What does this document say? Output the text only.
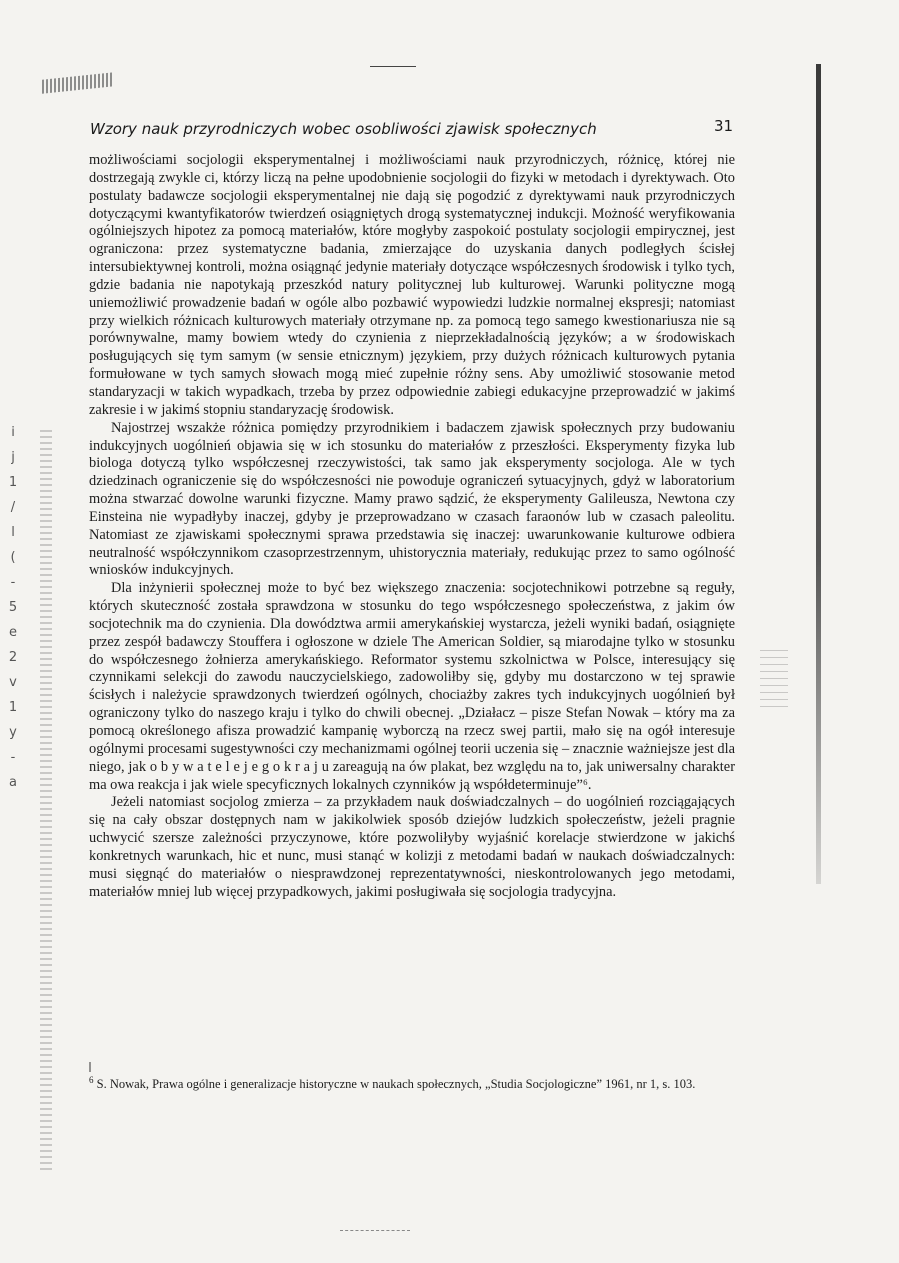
i
j
1
/
l
(
-
5
e
2
v
1
y
-
a
Wzory nauk przyrodniczych wobec osobliwości zjawisk społecznych	31

możliwościami socjologii eksperymentalnej i możliwościami nauk przyrodniczych, różnicę, której nie dostrzegają zwykle ci, którzy liczą na pełne upodobnienie socjologii do fizyki w metodach i dyrektywach. Oto postulaty badawcze socjologii eksperymentalnej nie dają się pogodzić z dyrektywami nauk przyrodniczych dotyczącymi kwantyfikatorów twierdzeń osiągniętych drogą systematycznej indukcji. Możność weryfikowania ogólniejszych hipotez za pomocą materiałów, które mogłyby zaspokoić postulaty socjologii empirycznej, jest ograniczona: przez systematyczne badania, zmierzające do uzyskania danych podległych ścisłej intersubiektywnej kontroli, można osiągnąć jedynie materiały dotyczące współczesnych środowisk i tylko tych, gdzie badania nie napotykają przeszkód natury politycznej lub kulturowej. Warunki polityczne mogą uniemożliwić prowadzenie badań w ogóle albo pozbawić wypowiedzi ludzkie normalnej ekspresji; natomiast przy wielkich różnicach kulturowych materiały otrzymane np. za pomocą tego samego kwestionariusza nie są porównywalne, mamy bowiem wtedy do czynienia z nieprzekładalnością języków; a w środowiskach posługujących się tym samym (w sensie etnicznym) językiem, przy dużych różnicach kulturowych pytania formułowane w tych samych słowach mogą mieć zupełnie różny sens. Aby umożliwić stosowanie metod standaryzacji w takich wypadkach, trzeba by przez odpowiednie zabiegi edukacyjne przeprowadzić w jakimś zakresie i w jakimś stopniu standaryzację środowisk.

Najostrzej wszakże różnica pomiędzy przyrodnikiem i badaczem zjawisk społecznych przy budowaniu indukcyjnych uogólnień objawia się w ich stosunku do materiałów z przeszłości. Eksperymenty fizyka lub biologa dotyczą tylko współczesnej rzeczywistości, tak samo jak eksperymenty socjologa. Ale w tych dziedzinach ograniczenie się do współczesności nie powoduje ograniczeń sytuacyjnych, gdyż w laboratorium można stwarzać dowolne warunki fizyczne. Mamy prawo sądzić, że eksperymenty Galileusza, Newtona czy Einsteina nie wypadłyby inaczej, gdyby je przeprowadzano w czasach faraonów lub w czasach paleolitu. Natomiast ze zjawiskami społecznymi sprawa przedstawia się inaczej: uwarunkowanie kulturowe odbiera neutralność współczynnikom czasoprzestrzennym, uhistorycznia materiały, redukując przez to samo ogólność wniosków indukcyjnych.

Dla inżynierii społecznej może to być bez większego znaczenia: socjotechnikowi potrzebne są reguły, których skuteczność została sprawdzona w stosunku do tego współczesnego społeczeństwa, z jakim ów socjotechnik ma do czynienia. Dla dowództwa armii amerykańskiej wystarcza, jeżeli wyniki badań, osiągnięte przez zespół badawczy Stouffera i ogłoszone w dziele The American Soldier, są miarodajne tylko w stosunku do współczesnego żołnierza amerykańskiego. Reformator systemu szkolnictwa w Polsce, interesujący się czynnikami selekcji do zawodu nauczycielskiego, zadowoliłby się, gdyby mu dostarczono w tej sprawie ścisłych i należycie sprawdzonych twierdzeń ogólnych, chociażby zakres tych indukcyjnych uogólnień był ograniczony tylko do naszego kraju i tylko do chwili obecnej. „Działacz – pisze Stefan Nowak – który ma za pomocą określonego afisza prowadzić kampanię wyborczą na rzecz swej partii, mało się na ogół interesuje ogólnymi procesami sugestywności czy mechanizmami ogólnej teorii uczenia się – znacznie ważniejsze jest dla niego, jak o b y w a t e l e j e g o k r a j u zareagują na ów plakat, bez względu na to, jak uniwersalny charakter ma owa reakcja i jak wiele specyficznych lokalnych czynników ją współdeterminuje”⁶.

Jeżeli natomiast socjolog zmierza – za przykładem nauk doświadczalnych – do uogólnień rozciągających się na cały obszar dostępnych nam w jakikolwiek sposób dziejów ludzkich społeczeństw, jeżeli pragnie uchwycić szersze zależności przyczynowe, które pozwoliłyby wyjaśnić korelacje stwierdzone w jakichś konkretnych warunkach, hic et nunc, musi stanąć w kolizji z metodami badań w naukach doświadczalnych: musi sięgnąć do materiałów o niesprawdzonej reprezentatywności, nieskontrolowanych jego metodami, materiałów mniej lub więcej przypadkowych, jakimi posługiwała się socjologia tradycyjna.

$^6$ S. Nowak, Prawa ogólne i generalizacje historyczne w naukach społecznych, „Studia Socjologiczne” 1961, nr 1, s. 103.
